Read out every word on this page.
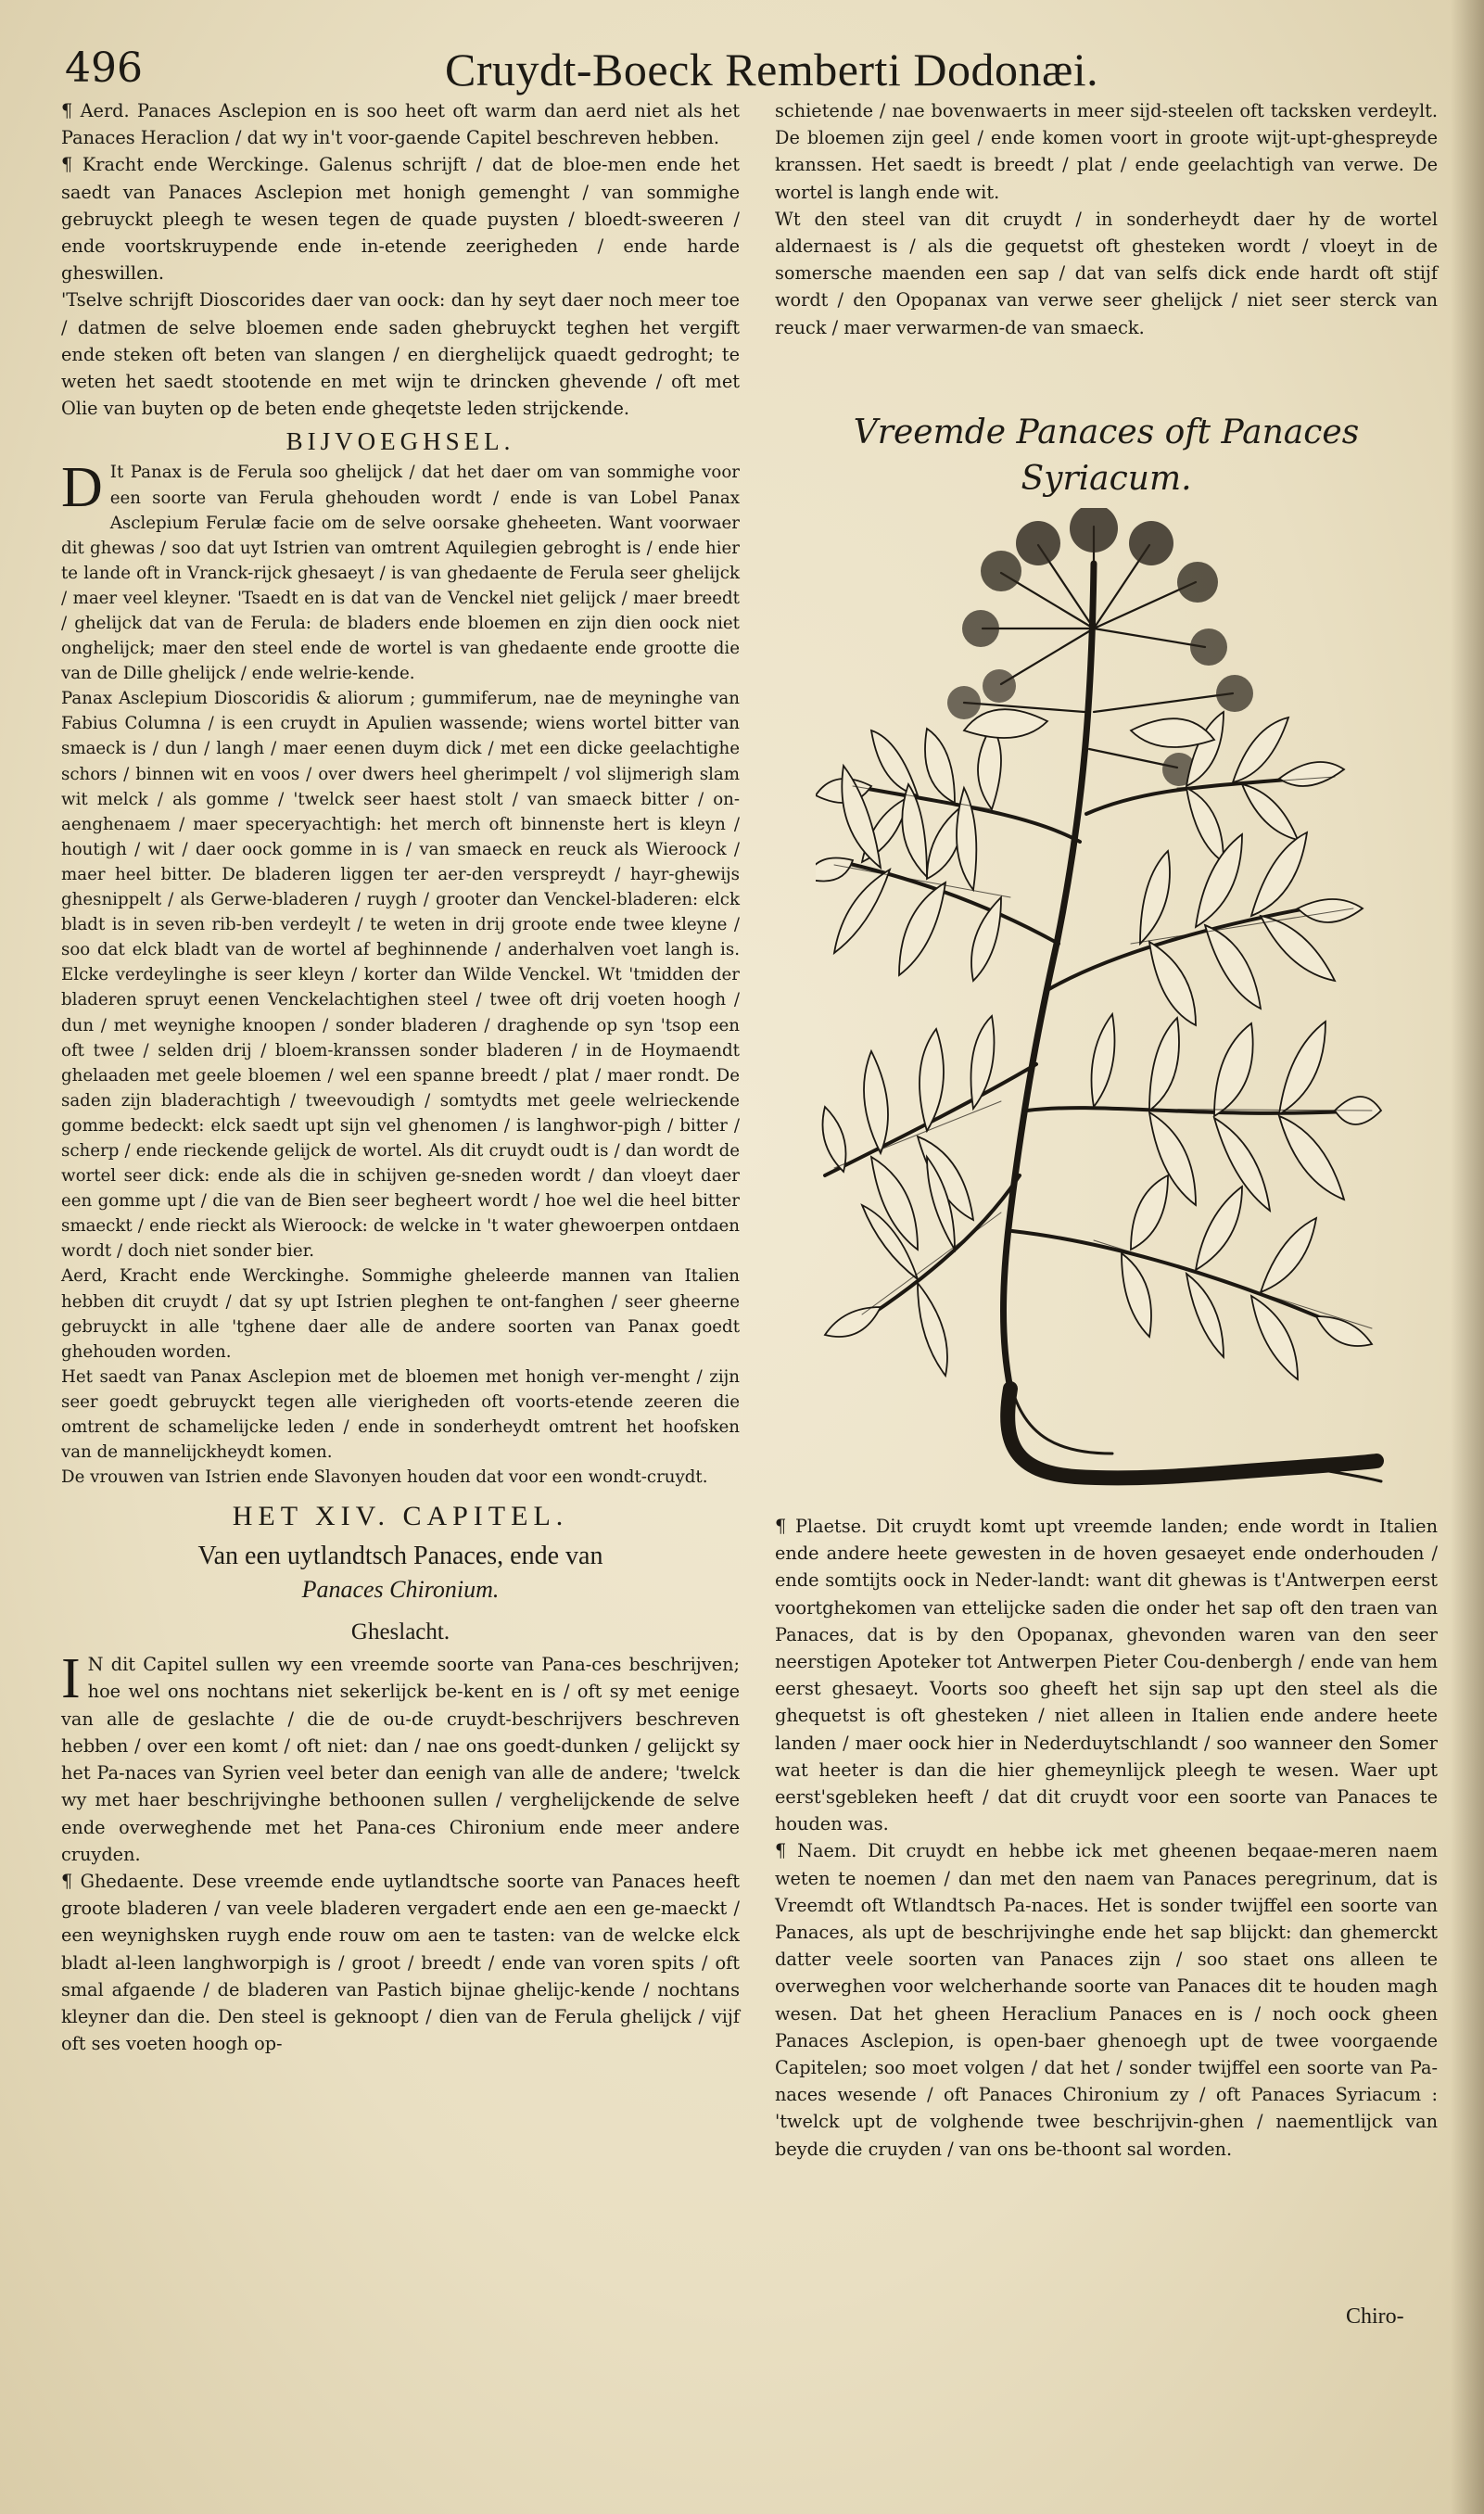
496	Cruydt-Boeck Remberti Dodonæi.

¶ Aerd. Panaces Asclepion en is soo heet oft warm dan aerd niet als het Panaces Heraclion / dat wy in't voor-gaende Capitel beschreven hebben.

¶ Kracht ende Werckinge. Galenus schrijft / dat de bloe-men ende het saedt van Panaces Asclepion met honigh gemenght / van sommighe gebruyckt pleegh te wesen tegen de quade puysten / bloedt-sweeren / ende voortskruypende ende in-etende zeerigheden / ende harde gheswillen.

'Tselve schrijft Dioscorides daer van oock: dan hy seyt daer noch meer toe / datmen de selve bloemen ende saden ghebruyckt teghen het vergift ende steken oft beten van slangen / en dierghelijck quaedt gedroght; te weten het saedt stootende en met wijn te drincken ghevende / oft met Olie van buyten op de beten ende gheqetste leden strijckende.

BIJVOEGHSEL.

D It Panax is de Ferula soo ghelijck / dat het daer om van sommighe voor een soorte van Ferula ghehouden wordt / ende is van Lobel Panax Asclepium Ferulæ facie om de selve oorsake gheheeten. Want voorwaer dit ghewas / soo dat uyt Istrien van omtrent Aquilegien gebroght is / ende hier te lande oft in Vranck-rijck ghesaeyt / is van ghedaente de Ferula seer ghelijck / maer veel kleyner. 'Tsaedt en is dat van de Venckel niet gelijck / maer breedt / ghelijck dat van de Ferula: de bladers ende bloemen en zijn dien oock niet ongheliјck; maer den steel ende de wortel is van ghedaente ende grootte die van de Dille ghelijck / ende welrie-kende.

Panax Asclepium Dioscoridis & aliorum ; gummiferum, nae de meyninghe van Fabius Columna / is een cruydt in Apulien wassende; wiens wortel bitter van smaeck is / dun / langh / maer eenen duym dick / met een dicke geelachtighe schors / binnen wit en voos / over dwers heel gherimpelt / vol slijmerigh slam wit melck / als gomme / 'twelck seer haest stolt / van smaeck bitter / on-aenghenaem / maer speceryachtigh: het merch oft binnenste hert is kleyn / houtigh / wit / daer oock gomme in is / van smaeck en reuck als Wieroock / maer heel bitter. De bladeren liggen ter aer-den verspreydt / hayr-ghewijs ghesnippelt / als Gerwe-bladeren / ruygh / grooter dan Venckel-bladeren: elck bladt is in seven rib-ben verdeylt / te weten in drij groote ende twee kleyne / soo dat elck bladt van de wortel af beghinnende / anderhalven voet langh is. Elcke verdeylinghe is seer kleyn / korter dan Wilde Venckel. Wt 'tmidden der bladeren spruyt eenen Venckelachtighen steel / twee oft drij voeten hoogh / dun / met weynighe knoopen / sonder bladeren / draghende op syn 'tsop een oft twee / selden drij / bloem-kranssen sonder bladeren / in de Hoymaendt ghelaaden met geele bloemen / wel een spanne breedt / plat / maer rondt. De saden zijn bladerachtigh / tweevoudigh / somtydts met geele welrieckende gomme bedeckt: elck saedt upt sijn vel ghenomen / is langhwor-pigh / bitter / scherp / ende rieckende gelijck de wortel. Als dit cruydt oudt is / dan wordt de wortel seer dick: ende als die in schijven ge-sneden wordt / dan vloeyt daer een gomme upt / die van de Bien seer begheert wordt / hoe wel die heel bitter smaeckt / ende rieckt als Wieroock: de welcke in 't water ghewoerpen ontdaen wordt / doch niet sonder bier.

Aerd, Kracht ende Werckinghe. Sommighe gheleerde mannen van Italien hebben dit cruydt / dat sy upt Istrien pleghen te ont-fanghen / seer gheerne gebruyckt in alle 'tghene daer alle de andere soorten van Panax goedt ghehouden worden.

Het saedt van Panax Asclepion met de bloemen met honigh ver-menght / zijn seer goedt gebruyckt tegen alle vierigheden oft voorts-etende zeeren die omtrent de schamelijcke leden / ende in sonderheydt omtrent het hoofsken van de manneliјckheydt komen.

De vrouwen van Istrien ende Slavonyen houden dat voor een wondt-cruydt.

HET XIV. CAPITEL.
Van een uytlandtsch Panaces, ende van
Panaces Chironium.
Gheslacht.

I N dit Capitel sullen wy een vreemde soorte van Pana-ces beschrijven; hoe wel ons nochtans niet sekerlijck be-kent en is / oft sy met eenige van alle de geslachte / die de ou-de cruydt-beschrijvers beschreven hebben / over een komt / oft niet: dan / nae ons goedt-dunken / gelijckt sy het Pa-naces van Syrien veel beter dan eenigh van alle de andere; 'twelck wy met haer beschrijvinghe bethoonen sullen / vergheliјckende de selve ende overweghende met het Pana-ces Chironium ende meer andere cruyden.

¶ Ghedaente. Dese vreemde ende uytlandtsche soorte van Panaces heeft groote bladeren / van veele bladeren vergadert ende aen een ge-maeckt / een weynighsken ruygh ende rouw om aen te tasten: van de welcke elck bladt al-leen langhworpigh is / groot / breedt / ende van voren spits / oft smal afgaende / de bladeren van Pastich bijnae ghelijc-kende / nochtans kleyner dan die. Den steel is geknoopt / dien van de Ferula ghelijck / vijf oft ses voeten hoogh op-

schietende / nae bovenwaerts in meer sijd-steelen oft tacksken verdeylt. De bloemen zijn geel / ende komen voort in groote wijt-upt-ghespreyde kranssen. Het saedt is breedt / plat / ende geelachtigh van verwe. De wortel is langh ende wit.

Wt den steel van dit cruydt / in sonderheydt daer hy de wortel aldernaest is / als die gequetst oft ghesteken wordt / vloeyt in de somersche maenden een sap / dat van selfs dick ende hardt oft stijf wordt / den Opopanax van verwe seer ghelijck / niet seer sterck van reuck / maer verwarmen-de van smaeck.

Vreemde Panaces oft Panaces
Syriacum.

¶ Plaetse. Dit cruydt komt upt vreemde landen; ende wordt in Italien ende andere heete gewesten in de hoven gesaeyet ende onderhouden / ende somtijts oock in Neder-landt: want dit ghewas is t'Antwerpen eerst voortghekomen van etteliјcke saden die onder het sap oft den traen van Panaces, dat is by den Opopanax, ghevonden waren van den seer neerstigen Apoteker tot Antwerpen Pieter Cou-denbergh / ende van hem eerst ghesaeyt. Voorts soo gheeft het sijn sap upt den steel als die ghequetst is oft ghesteken / niet alleen in Italien ende andere heete landen / maer oock hier in Nederduytschlandt / soo wanneer den Somer wat heeter is dan die hier ghemeynlijck pleegh te wesen. Waer upt eerst'sgebleken heeft / dat dit cruydt voor een soorte van Panaces te houden was.

¶ Naem. Dit cruydt en hebbe ick met gheenen beqaae-meren naem weten te noemen / dan met den naem van Panaces peregrinum, dat is Vreemdt oft Wtlandtsch Pa-naces. Het is sonder twijffel een soorte van Panaces, als upt de beschrijvinghe ende het sap blijckt: dan ghemerckt datter veele soorten van Panaces zijn / soo staet ons alleen te overweghen voor welcherhande soorte van Panaces dit te houden magh wesen. Dat het gheen Heraclium Panaces en is / noch oock gheen Panaces Asclepion, is open-baer ghenoegh upt de twee voorgaende Capitelen; soo moet volgen / dat het / sonder twijffel een soorte van Pa-naces wesende / oft Panaces Chironium zy / oft Panaces Syriacum : 'twelck upt de volghende twee beschrijvin-ghen / naementlijck van beyde die cruyden / van ons be-thoont sal worden.

Chiro-
